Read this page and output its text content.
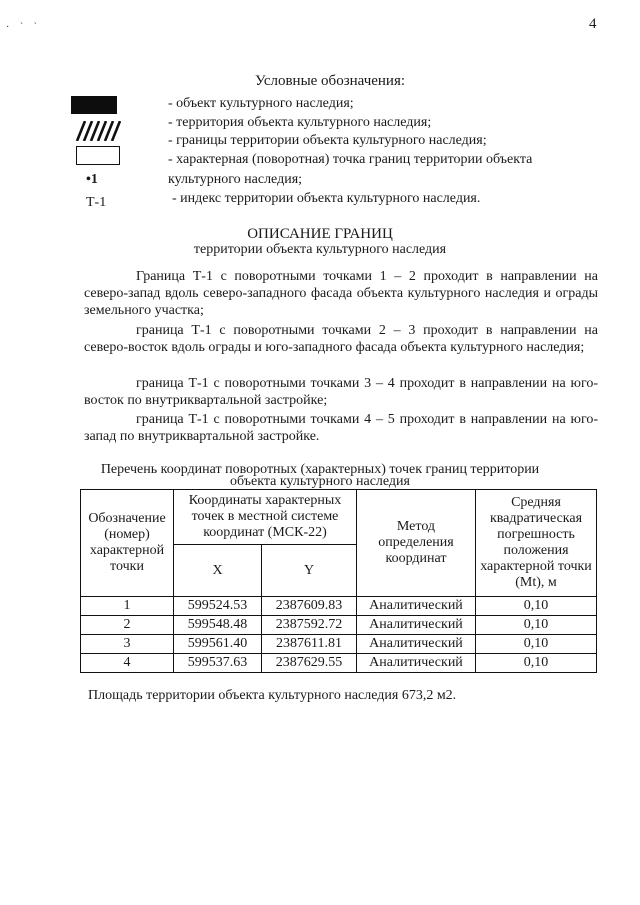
4
· ` `
Условные обозначения:
•1
Т-1
- объект культурного наследия;
- территория объекта культурного наследия;
- границы территории объекта культурного наследия;
- характерная (поворотная) точка границ территории объекта
культурного наследия;
- индекс территории объекта культурного наследия.
ОПИСАНИЕ ГРАНИЦ
территории объекта культурного наследия
Граница Т-1 с поворотными точками 1 – 2 проходит в направлении на северо-запад вдоль северо-западного фасада объекта культурного наследия и ограды земельного участка;
граница Т-1 с поворотными точками 2 – 3 проходит в направлении на северо-восток вдоль ограды и юго-западного фасада объекта культурного наследия;
граница Т-1 с поворотными точками 3 – 4 проходит в направлении на юго-восток по внутриквартальной застройке;
граница Т-1 с поворотными точками 4 – 5 проходит в направлении на юго-запад по внутриквартальной застройке.
Перечень координат поворотных (характерных) точек границ территории
объекта культурного наследия
Обозначение (номер) характерной точки	Координаты характерных точек в местной системе координат (МСК-22)		Метод определения координат	Средняя квадратическая погрешность положения характерной точки (Mt), м
	X	Y		
1	599524.53	2387609.83	Аналитический	0,10
2	599548.48	2387592.72	Аналитический	0,10
3	599561.40	2387611.81	Аналитический	0,10
4	599537.63	2387629.55	Аналитический	0,10
Площадь территории объекта культурного наследия 673,2 м2.
